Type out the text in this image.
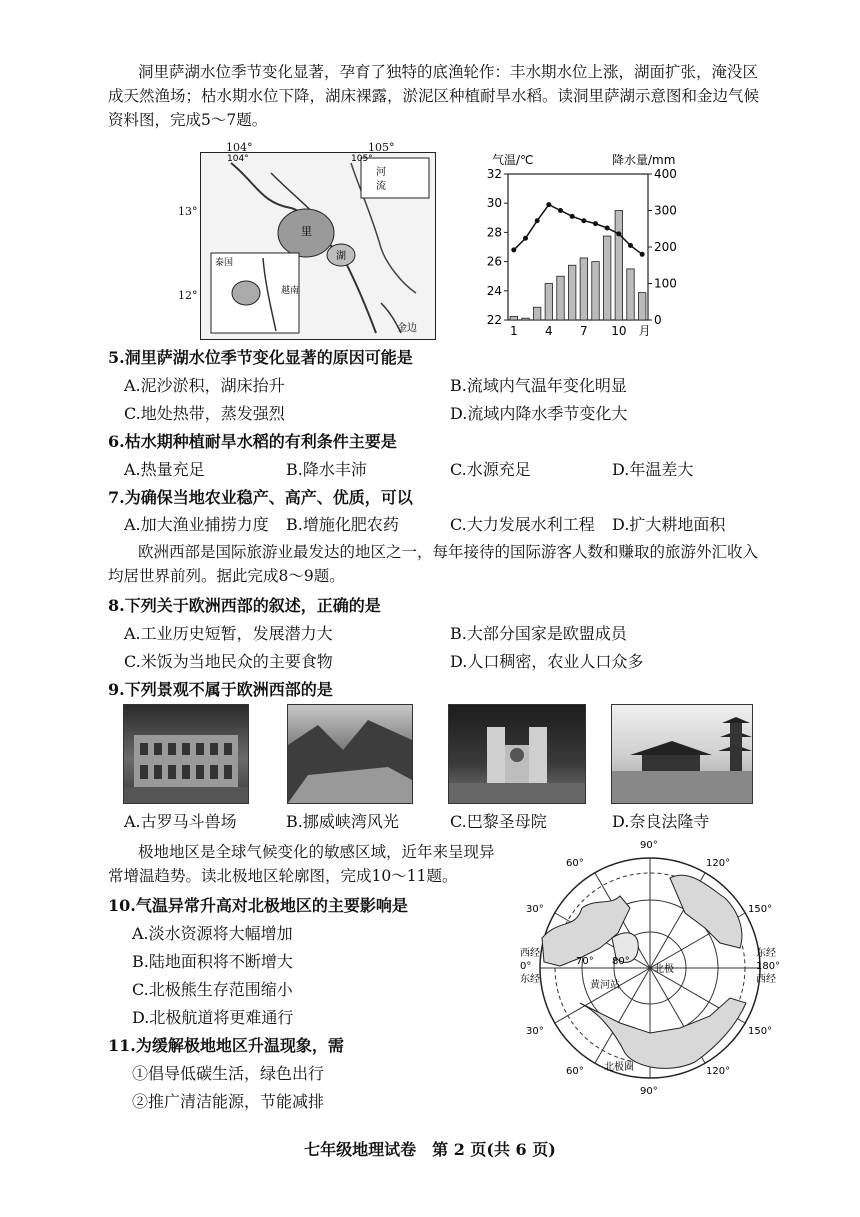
洞里萨湖水位季节变化显著，孕育了独特的底渔轮作：丰水期水位上涨，湖面扩张，淹没区成天然渔场；枯水期水位下降，湖床裸露，淤泥区种植耐旱水稻。读洞里萨湖示意图和金边气候资料图，完成5～7题。
104°	105°
河
流
里
湖
泰国
越南
金边
104°	105°
13°
12°
气温/℃	降水量/mm
22
24
26
28
30
32
0
100
200
300
400
1 4 7 10 月
5.洞里萨湖水位季节变化显著的原因可能是
A.泥沙淤积，湖床抬升	B.流域内气温年变化明显
C.地处热带，蒸发强烈	D.流域内降水季节变化大
6.枯水期种植耐旱水稻的有利条件主要是
A.热量充足	B.降水丰沛	C.水源充足	D.年温差大
7.为确保当地农业稳产、高产、优质，可以
A.加大渔业捕捞力度 B.增施化肥农药	C.大力发展水利工程 D.扩大耕地面积
欧洲西部是国际旅游业最发达的地区之一，每年接待的国际游客人数和赚取的旅游外汇收入均居世界前列。据此完成8～9题。
8.下列关于欧洲西部的叙述，正确的是
A.工业历史短暂，发展潜力大	B.大部分国家是欧盟成员
C.米饭为当地民众的主要食物	D.人口稠密，农业人口众多
9.下列景观不属于欧洲西部的是
A.古罗马斗兽场	B.挪威峡湾风光	C.巴黎圣母院	D.奈良法隆寺
极地地区是全球气候变化的敏感区域，近年来呈现异常增温趋势。读北极地区轮廓图，完成10～11题。
10.气温异常升高对北极地区的主要影响是
A.淡水资源将大幅增加
B.陆地面积将不断增大
C.北极熊生存范围缩小
D.北极航道将更难通行
11.为缓解极地地区升温现象，需
①倡导低碳生活，绿色出行
②推广清洁能源，节能减排
90°
90°
60°	120°
30°	150°
30°	150°
60°	120°
西经
0°
东经
东经
180°
西经
70° 80°
北极
黄河站
北极圈
七年级地理试卷　第 2 页(共 6 页)
